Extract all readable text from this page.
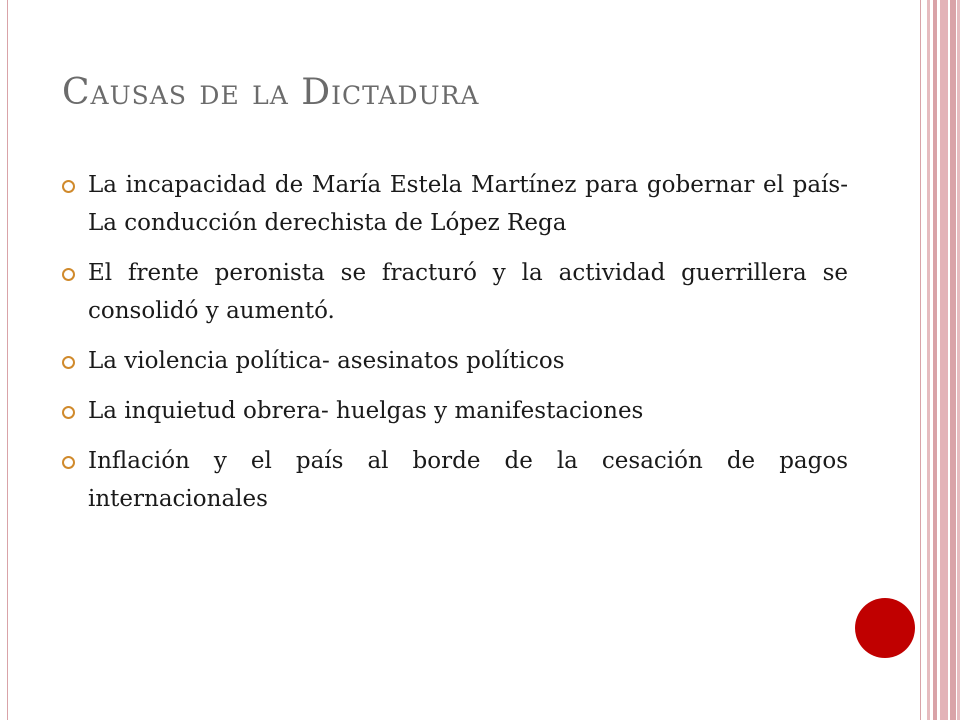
Causas de la Dictadura
La incapacidad de María Estela Martínez para gobernar el país- La conducción derechista de López Rega
El frente peronista se fracturó y la actividad guerrillera se consolidó y aumentó.
La violencia política- asesinatos políticos
La inquietud obrera- huelgas y manifestaciones
Inflación y el país al borde de la cesación de pagos internacionales
